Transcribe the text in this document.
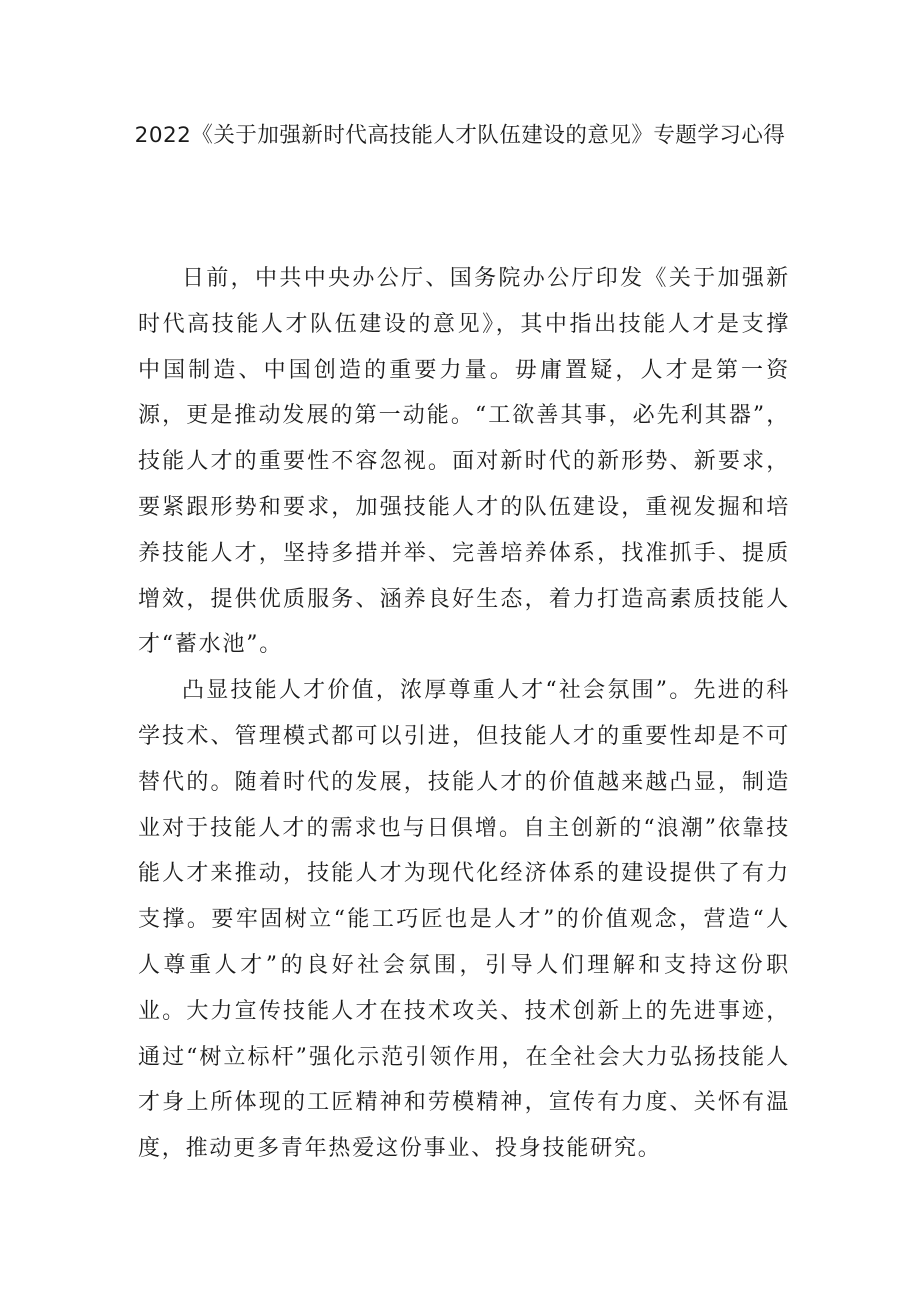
2022《关于加强新时代高技能人才队伍建设的意见》专题学习心得

日前，中共中央办公厅、国务院办公厅印发《关于加强新时代高技能人才队伍建设的意见》，其中指出技能人才是支撑中国制造、中国创造的重要力量。毋庸置疑，人才是第一资源，更是推动发展的第一动能。“工欲善其事，必先利其器”，技能人才的重要性不容忽视。面对新时代的新形势、新要求，要紧跟形势和要求，加强技能人才的队伍建设，重视发掘和培养技能人才，坚持多措并举、完善培养体系，找准抓手、提质增效，提供优质服务、涵养良好生态，着力打造高素质技能人才“蓄水池”。

凸显技能人才价值，浓厚尊重人才“社会氛围”。先进的科学技术、管理模式都可以引进，但技能人才的重要性却是不可替代的。随着时代的发展，技能人才的价值越来越凸显，制造业对于技能人才的需求也与日俱增。自主创新的“浪潮”依靠技能人才来推动，技能人才为现代化经济体系的建设提供了有力支撑。要牢固树立“能工巧匠也是人才”的价值观念，营造“人人尊重人才”的良好社会氛围，引导人们理解和支持这份职业。大力宣传技能人才在技术攻关、技术创新上的先进事迹，通过“树立标杆”强化示范引领作用，在全社会大力弘扬技能人才身上所体现的工匠精神和劳模精神，宣传有力度、关怀有温度，推动更多青年热爱这份事业、投身技能研究。
